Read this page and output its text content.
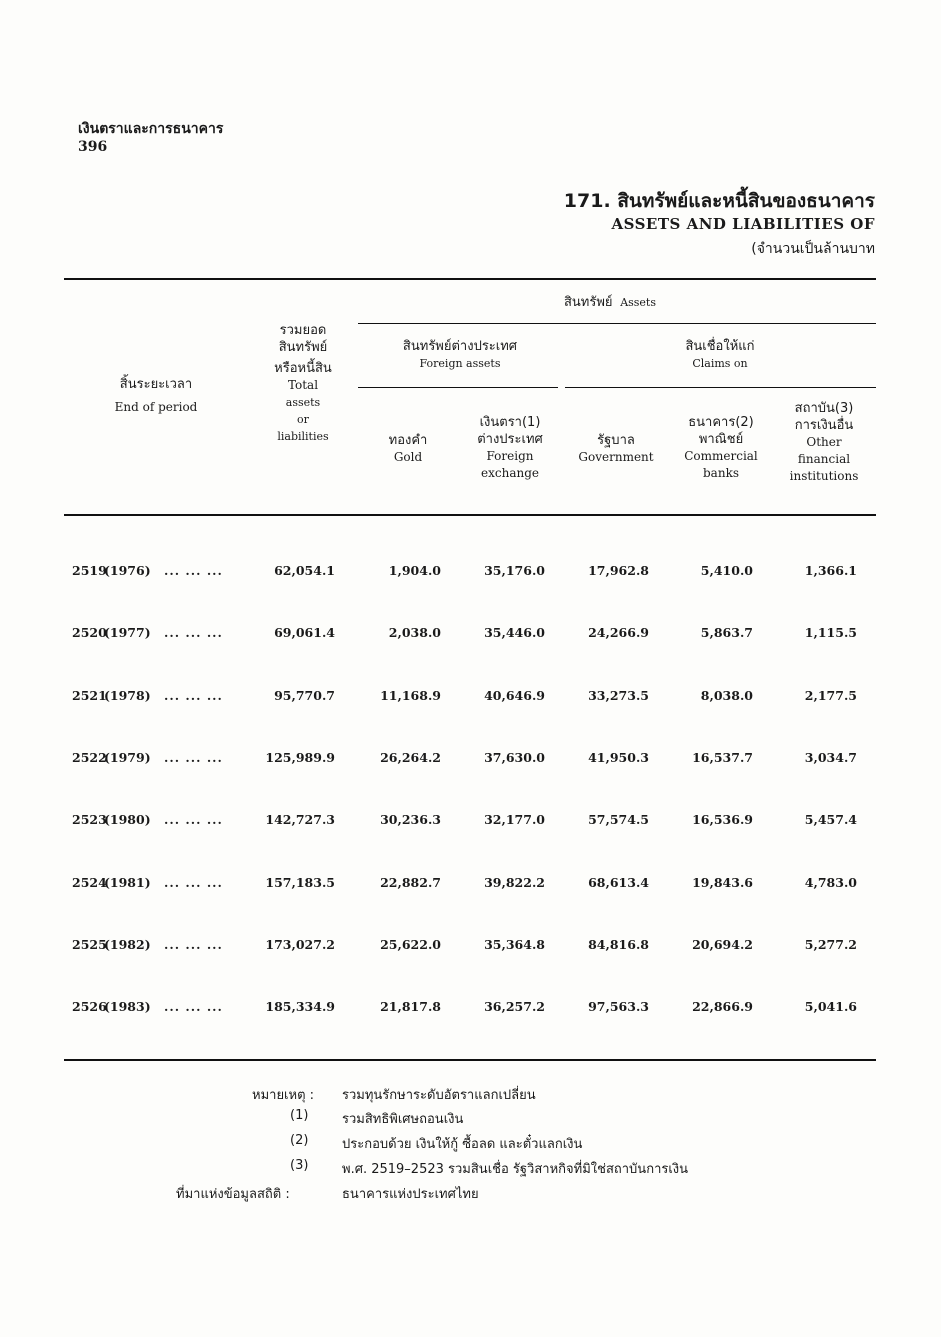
เงินตราและการธนาคาร
396
171. สินทรัพย์และหนี้สินของธนาคาร
ASSETS AND LIABILITIES OF
(จำนวนเป็นล้านบาท
สินทรัพย์ Assets
สิ้นระยะเวลา
End of period
รวมยอด
สินทรัพย์
หรือหนี้สิน
Total
assets
or
liabilities
สินทรัพย์ต่างประเทศ
Foreign assets
สินเชื่อให้แก่
Claims on
ทองคำ
Gold
เงินตรา(1)
ต่างประเทศ
Foreign
exchange
รัฐบาล
Government
ธนาคาร(2)
พาณิชย์
Commercial
banks
สถาบัน(3)
การเงินอื่น
Other
financial
institutions
2519(1976) ... ... ...	62,054.1	1,904.0	35,176.0	17,962.8	5,410.0	1,366.1
2520(1977) ... ... ...	69,061.4	2,038.0	35,446.0	24,266.9	5,863.7	1,115.5
2521(1978) ... ... ...	95,770.7	11,168.9	40,646.9	33,273.5	8,038.0	2,177.5
2522(1979) ... ... ...	125,989.9	26,264.2	37,630.0	41,950.3	16,537.7	3,034.7
2523(1980) ... ... ...	142,727.3	30,236.3	32,177.0	57,574.5	16,536.9	5,457.4
2524(1981) ... ... ...	157,183.5	22,882.7	39,822.2	68,613.4	19,843.6	4,783.0
2525(1982) ... ... ...	173,027.2	25,622.0	35,364.8	84,816.8	20,694.2	5,277.2
2526(1983) ... ... ...	185,334.9	21,817.8	36,257.2	97,563.3	22,866.9	5,041.6
หมายเหตุ : รวมทุนรักษาระดับอัตราแลกเปลี่ยน
(1)	รวมสิทธิพิเศษถอนเงิน
(2)	ประกอบด้วย เงินให้กู้ ซื้อลด และตั๋วแลกเงิน
(3)	พ.ศ. 2519–2523 รวมสินเชื่อ รัฐวิสาหกิจที่มิใช่สถาบันการเงิน
ที่มาแห่งข้อมูลสถิติ :	ธนาคารแห่งประเทศไทย
